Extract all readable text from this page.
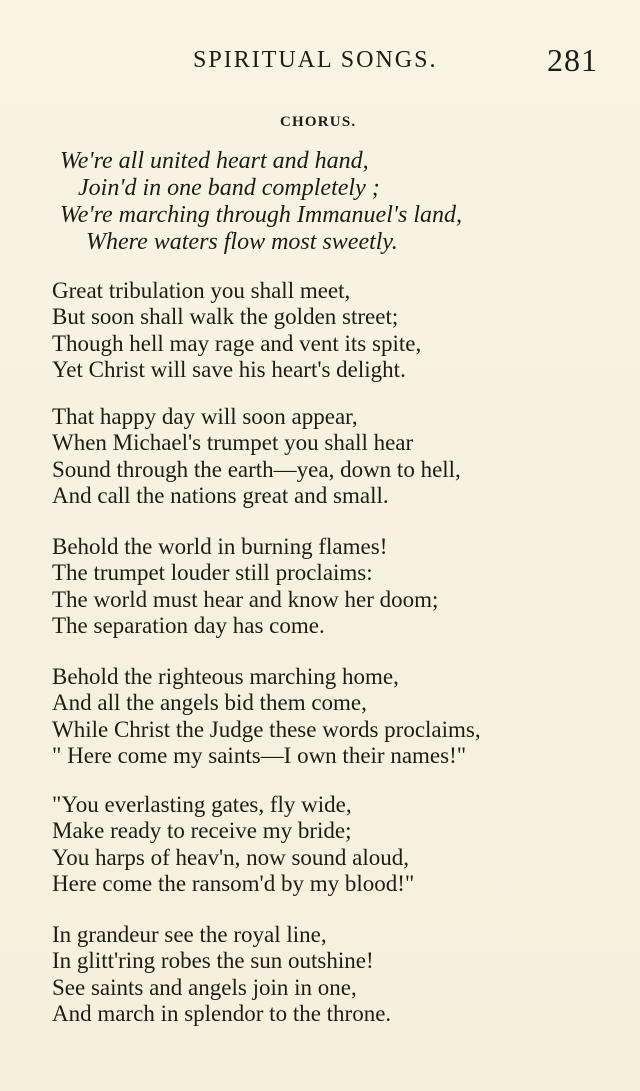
SPIRITUAL SONGS.	281
CHORUS.
We're all united heart and hand,
Join'd in one band completely ;
We're marching through Immanuel's land,
Where waters flow most sweetly.
Great tribulation you shall meet,
But soon shall walk the golden street;
Though hell may rage and vent its spite,
Yet Christ will save his heart's delight.
That happy day will soon appear,
When Michael's trumpet you shall hear
Sound through the earth—yea, down to hell,
And call the nations great and small.
Behold the world in burning flames!
The trumpet louder still proclaims:
The world must hear and know her doom;
The separation day has come.
Behold the righteous marching home,
And all the angels bid them come,
While Christ the Judge these words proclaims,
" Here come my saints—I own their names!"
"You everlasting gates, fly wide,
Make ready to receive my bride;
You harps of heav'n, now sound aloud,
Here come the ransom'd by my blood!"
In grandeur see the royal line,
In glitt'ring robes the sun outshine!
See saints and angels join in one,
And march in splendor to the throne.
